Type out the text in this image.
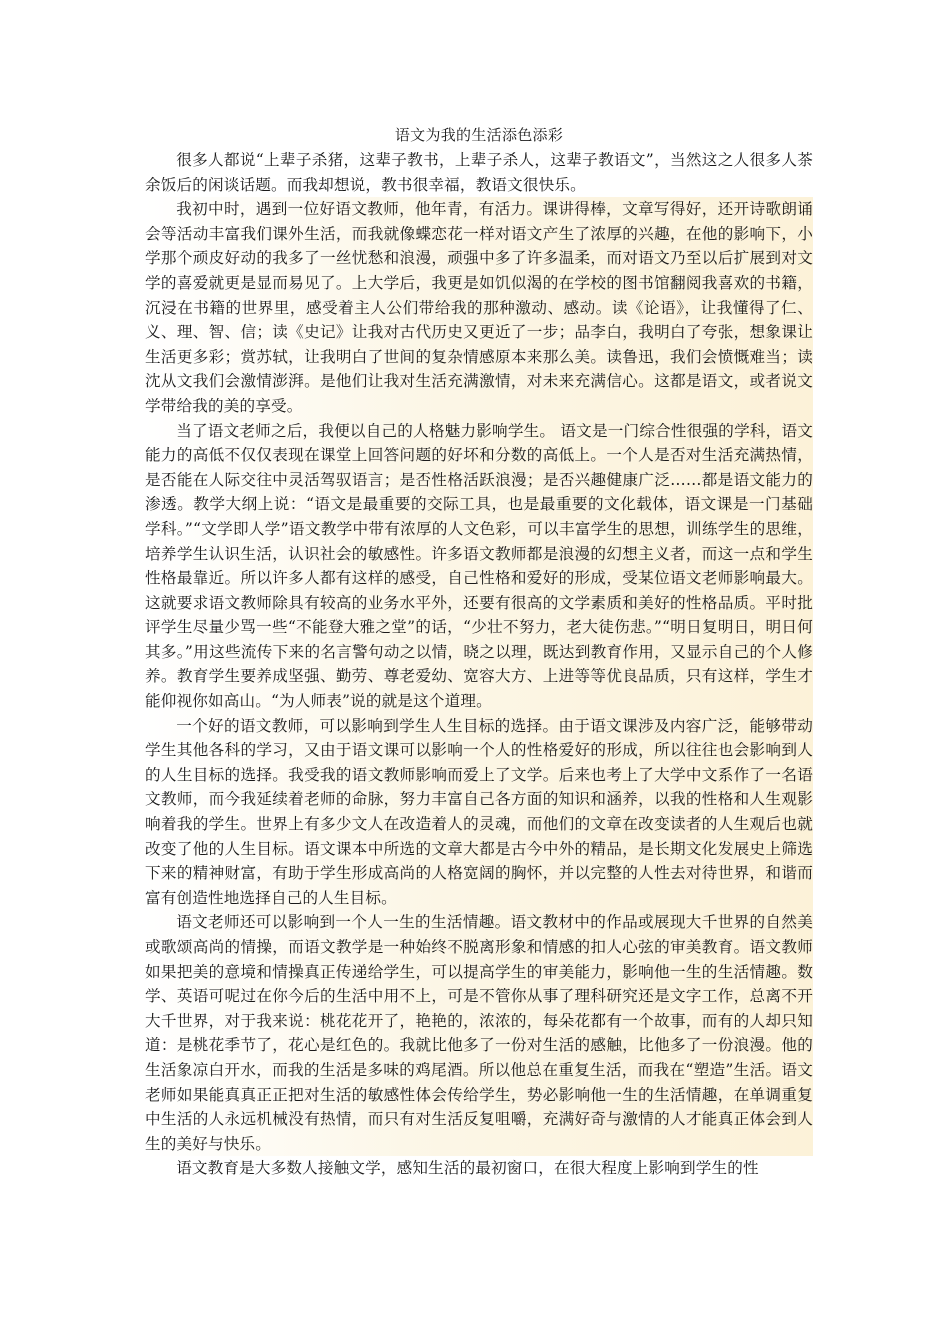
语文为我的生活添色添彩

很多人都说“上辈子杀猪，这辈子教书，上辈子杀人，这辈子教语文”，当然这之人很多人茶余饭后的闲谈话题。而我却想说，教书很幸福，教语文很快乐。

我初中时，遇到一位好语文教师，他年青，有活力。课讲得棒，文章写得好，还开诗歌朗诵会等活动丰富我们课外生活，而我就像蝶恋花一样对语文产生了浓厚的兴趣，在他的影响下，小学那个顽皮好动的我多了一丝忧愁和浪漫，顽强中多了许多温柔，而对语文乃至以后扩展到对文学的喜爱就更是显而易见了。上大学后，我更是如饥似渴的在学校的图书馆翻阅我喜欢的书籍，沉浸在书籍的世界里，感受着主人公们带给我的那种激动、感动。读《论语》，让我懂得了仁、义、理、智、信；读《史记》让我对古代历史又更近了一步；品李白，我明白了夸张，想象课让生活更多彩；赏苏轼，让我明白了世间的复杂情感原本来那么美。读鲁迅，我们会愤慨难当；读沈从文我们会激情澎湃。是他们让我对生活充满激情，对未来充满信心。这都是语文，或者说文学带给我的美的享受。

当了语文老师之后，我便以自己的人格魅力影响学生。 语文是一门综合性很强的学科，语文能力的高低不仅仅表现在课堂上回答问题的好坏和分数的高低上。一个人是否对生活充满热情，是否能在人际交往中灵活驾驭语言；是否性格活跃浪漫；是否兴趣健康广泛……都是语文能力的渗透。教学大纲上说：“语文是最重要的交际工具，也是最重要的文化载体，语文课是一门基础学科。”“文学即人学”语文教学中带有浓厚的人文色彩，可以丰富学生的思想，训练学生的思维，培养学生认识生活，认识社会的敏感性。许多语文教师都是浪漫的幻想主义者，而这一点和学生性格最靠近。所以许多人都有这样的感受，自己性格和爱好的形成，受某位语文老师影响最大。这就要求语文教师除具有较高的业务水平外，还要有很高的文学素质和美好的性格品质。平时批评学生尽量少骂一些“不能登大雅之堂”的话，“少壮不努力，老大徒伤悲。”“明日复明日，明日何其多。”用这些流传下来的名言警句动之以情，晓之以理，既达到教育作用，又显示自己的个人修养。教育学生要养成坚强、勤劳、尊老爱幼、宽容大方、上进等等优良品质，只有这样，学生才能仰视你如高山。“为人师表”说的就是这个道理。

一个好的语文教师，可以影响到学生人生目标的选择。由于语文课涉及内容广泛，能够带动学生其他各科的学习，又由于语文课可以影响一个人的性格爱好的形成，所以往往也会影响到人的人生目标的选择。我受我的语文教师影响而爱上了文学。后来也考上了大学中文系作了一名语文教师，而今我延续着老师的命脉，努力丰富自己各方面的知识和涵养，以我的性格和人生观影响着我的学生。世界上有多少文人在改造着人的灵魂，而他们的文章在改变读者的人生观后也就改变了他的人生目标。语文课本中所选的文章大都是古今中外的精品，是长期文化发展史上筛选下来的精神财富，有助于学生形成高尚的人格宽阔的胸怀，并以完整的人性去对待世界，和谐而富有创造性地选择自己的人生目标。

语文老师还可以影响到一个人一生的生活情趣。语文教材中的作品或展现大千世界的自然美或歌颂高尚的情操，而语文教学是一种始终不脱离形象和情感的扣人心弦的审美教育。语文教师如果把美的意境和情操真正传递给学生，可以提高学生的审美能力，影响他一生的生活情趣。数学、英语可呢过在你今后的生活中用不上，可是不管你从事了理科研究还是文字工作，总离不开大千世界，对于我来说：桃花花开了，艳艳的，浓浓的，每朵花都有一个故事，而有的人却只知道：是桃花季节了，花心是红色的。我就比他多了一份对生活的感触，比他多了一份浪漫。他的生活象凉白开水，而我的生活是多味的鸡尾酒。所以他总在重复生活，而我在“塑造”生活。语文老师如果能真真正正把对生活的敏感性体会传给学生，势必影响他一生的生活情趣，在单调重复中生活的人永远机械没有热情，而只有对生活反复咀嚼，充满好奇与激情的人才能真正体会到人生的美好与快乐。

语文教育是大多数人接触文学，感知生活的最初窗口，在很大程度上影响到学生的性
